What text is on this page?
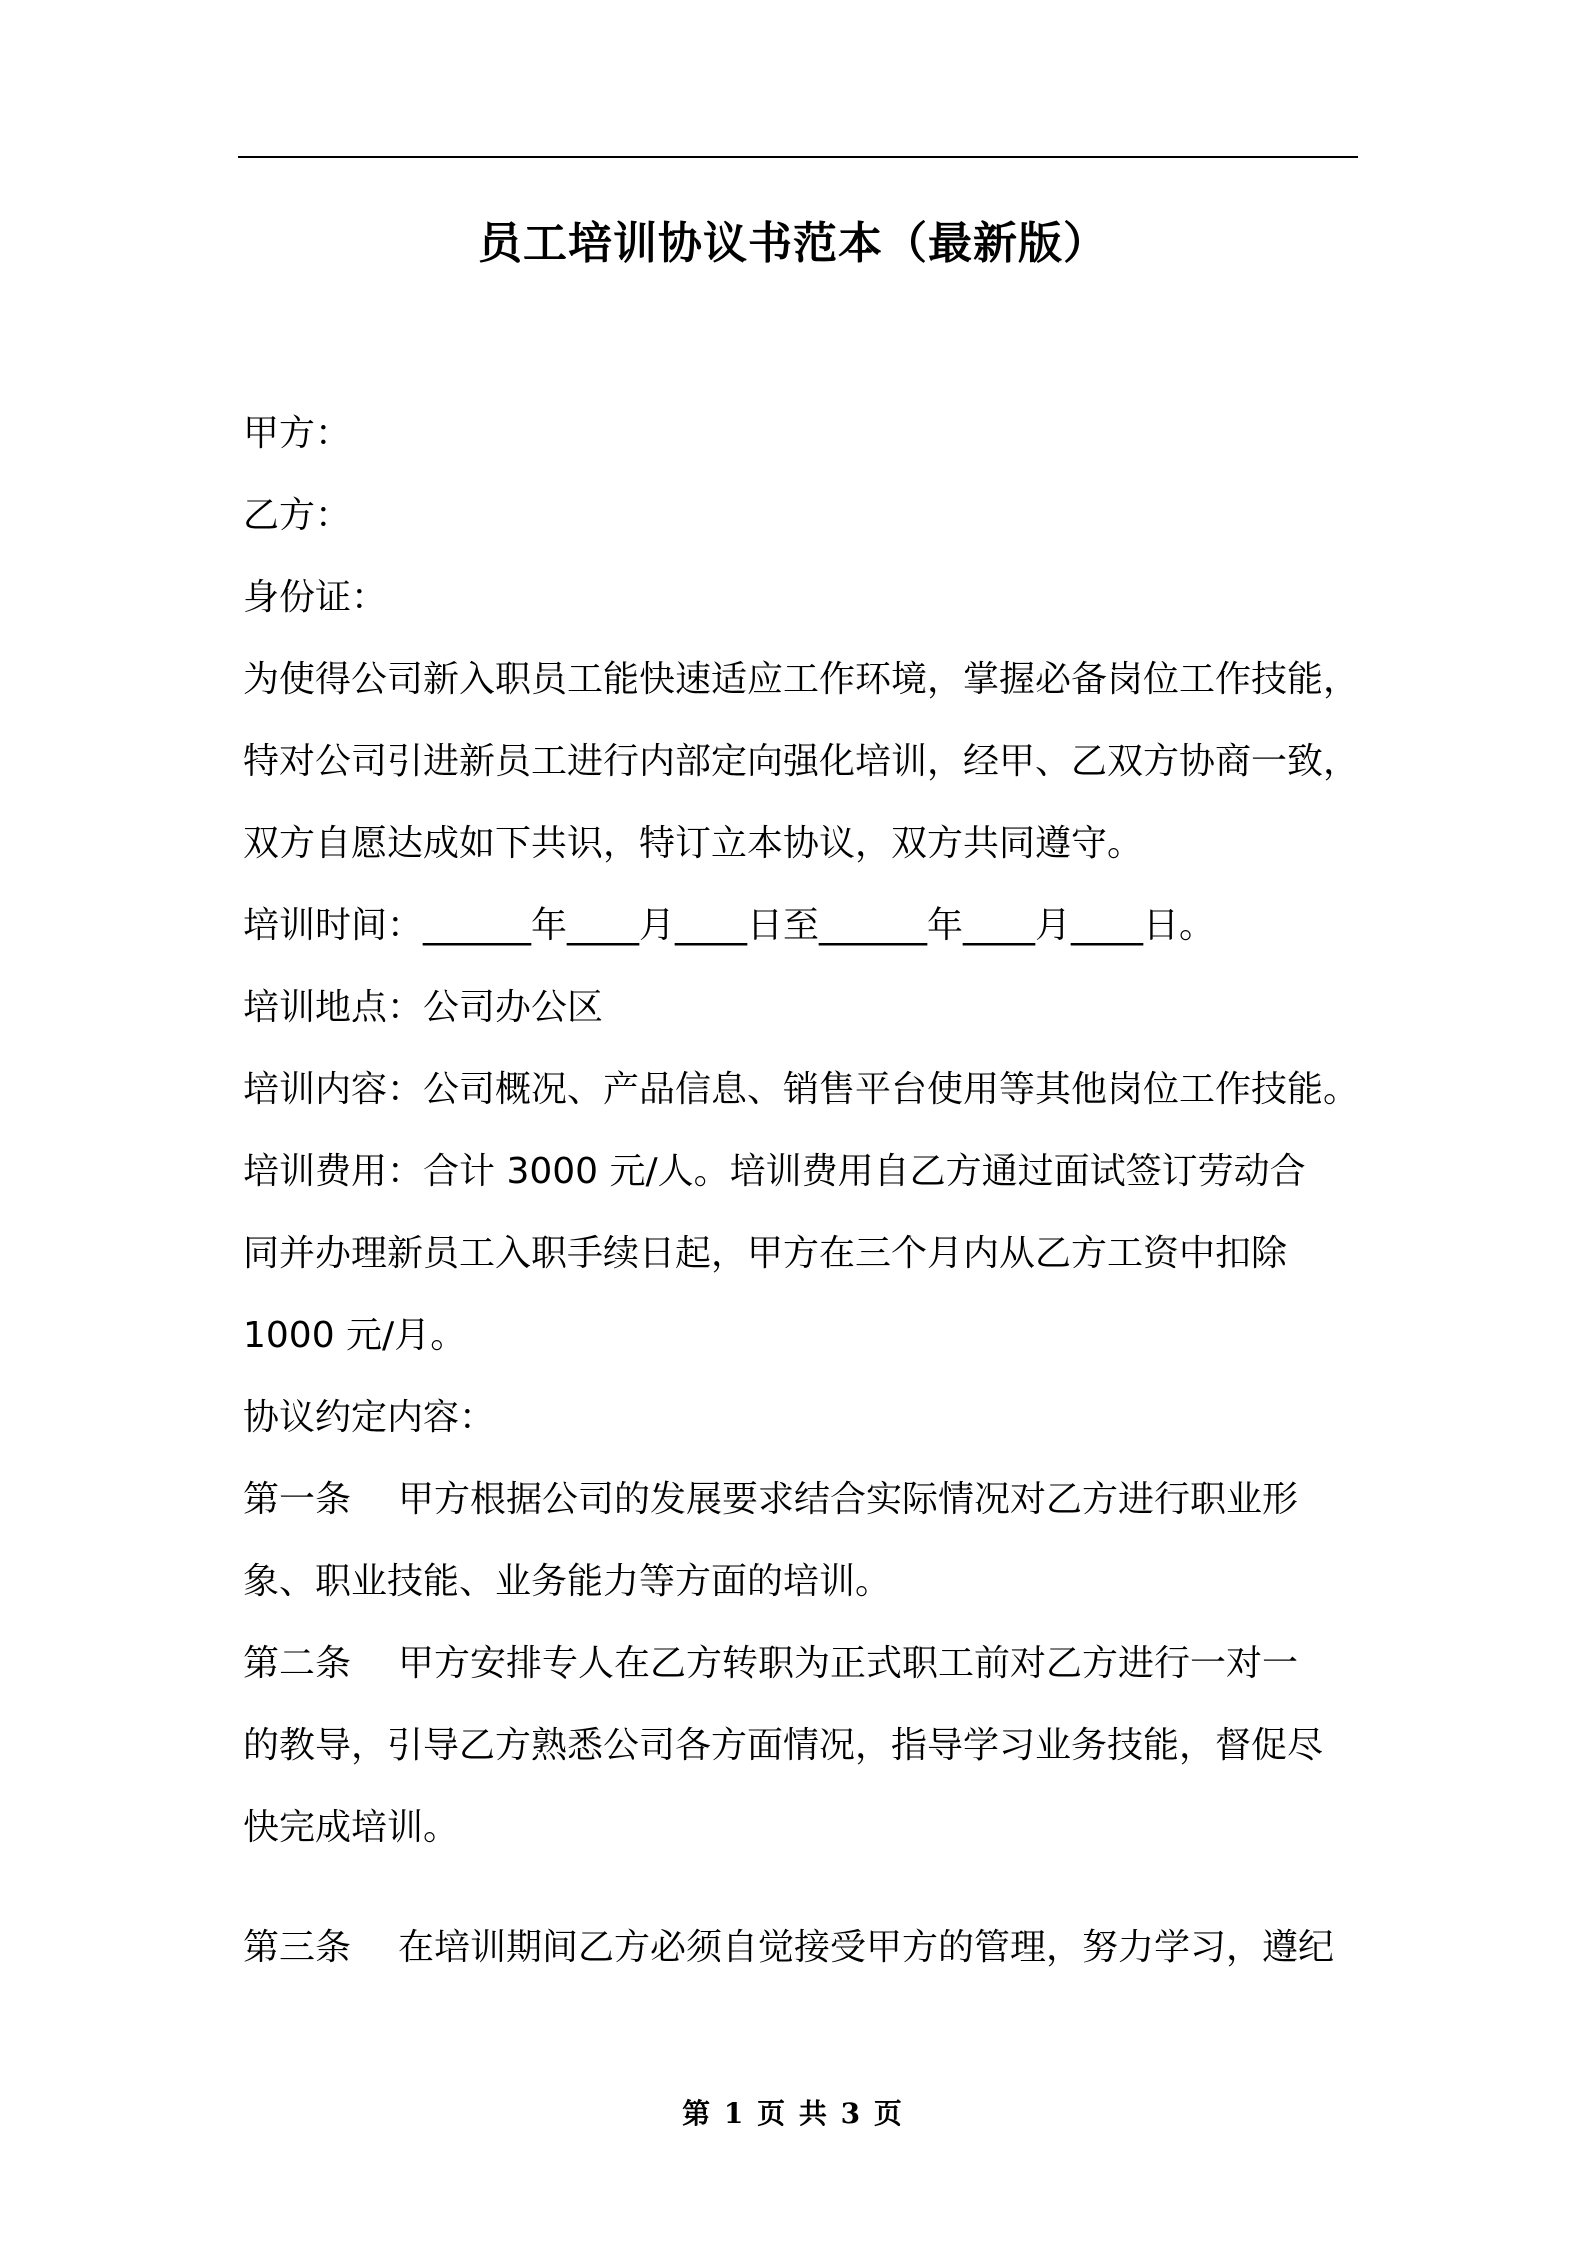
员工培训协议书范本（最新版）
甲方：
乙方：
身份证：
为使得公司新入职员工能快速适应工作环境，掌握必备岗位工作技能，
特对公司引进新员工进行内部定向强化培训，经甲、乙双方协商一致，
双方自愿达成如下共识，特订立本协议，双方共同遵守。
培训时间：______年____月____日至______年____月____日。
培训地点：公司办公区
培训内容：公司概况、产品信息、销售平台使用等其他岗位工作技能。
培训费用：合计 3000 元/人。培训费用自乙方通过面试签订劳动合
同并办理新员工入职手续日起，甲方在三个月内从乙方工资中扣除
1000 元/月。
协议约定内容：
第一条 甲方根据公司的发展要求结合实际情况对乙方进行职业形
象、职业技能、业务能力等方面的培训。
第二条 甲方安排专人在乙方转职为正式职工前对乙方进行一对一
的教导，引导乙方熟悉公司各方面情况，指导学习业务技能，督促尽
快完成培训。
第三条 在培训期间乙方必须自觉接受甲方的管理，努力学习，遵纪
第 1 页 共 3 页
